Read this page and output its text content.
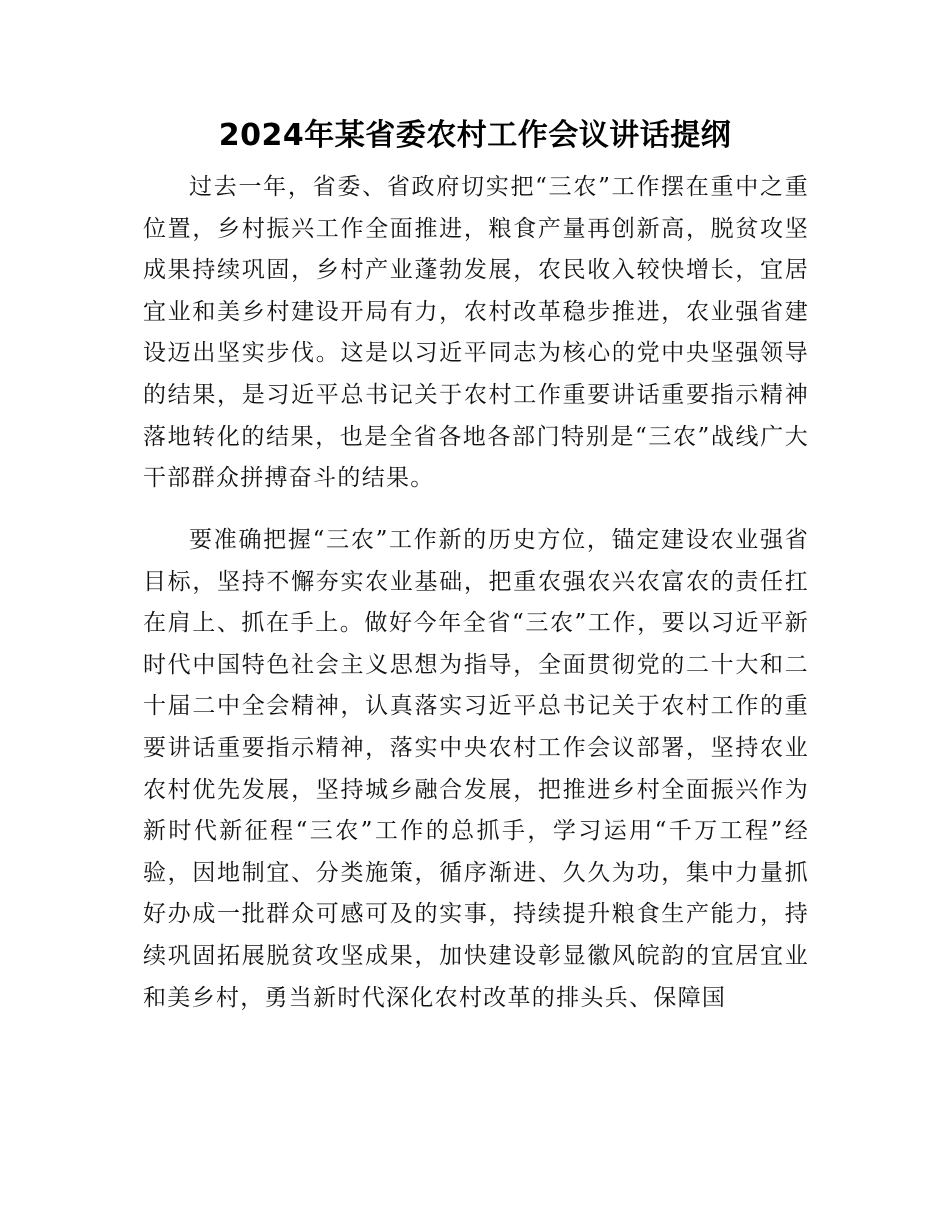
2024年某省委农村工作会议讲话提纲

过去一年，省委、省政府切实把“三农”工作摆在重中之重位置，乡村振兴工作全面推进，粮食产量再创新高，脱贫攻坚成果持续巩固，乡村产业蓬勃发展，农民收入较快增长，宜居宜业和美乡村建设开局有力，农村改革稳步推进，农业强省建设迈出坚实步伐。这是以习近平同志为核心的党中央坚强领导的结果，是习近平总书记关于农村工作重要讲话重要指示精神落地转化的结果，也是全省各地各部门特别是“三农”战线广大干部群众拼搏奋斗的结果。

要准确把握“三农”工作新的历史方位，锚定建设农业强省目标，坚持不懈夯实农业基础，把重农强农兴农富农的责任扛在肩上、抓在手上。做好今年全省“三农”工作，要以习近平新时代中国特色社会主义思想为指导，全面贯彻党的二十大和二十届二中全会精神，认真落实习近平总书记关于农村工作的重要讲话重要指示精神，落实中央农村工作会议部署，坚持农业农村优先发展，坚持城乡融合发展，把推进乡村全面振兴作为新时代新征程“三农”工作的总抓手，学习运用“千万工程”经验，因地制宜、分类施策，循序渐进、久久为功，集中力量抓好办成一批群众可感可及的实事，持续提升粮食生产能力，持续巩固拓展脱贫攻坚成果，加快建设彰显徽风皖韵的宜居宜业和美乡村，勇当新时代深化农村改革的排头兵、保障国
